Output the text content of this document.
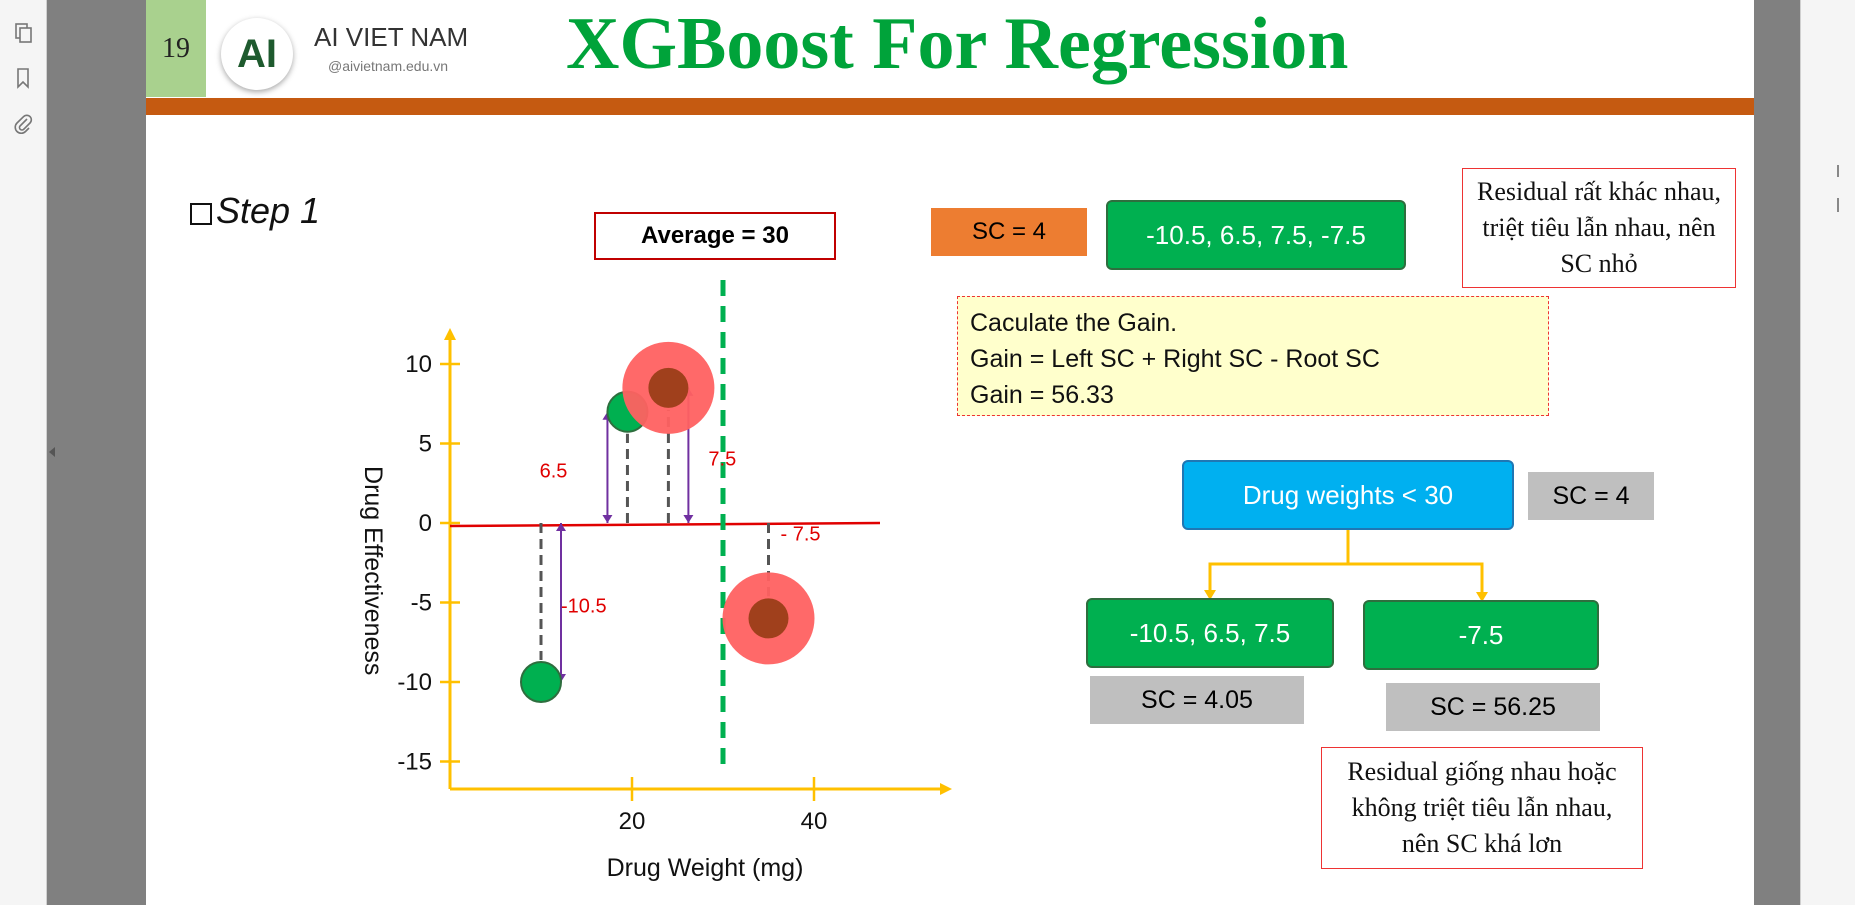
19	AI	AI VIET NAM
@aivietnam.edu.vn XGBoost For Regression
Step 1
Average = 30
10
5
0
-5
-10
-15
20	40
Drug Weight (mg)
Drug Effectiveness	-10.5
6.5
7.5
- 7.5
SC = 4	-10.5, 6.5, 7.5, -7.5
Residual rất khác nhau, triệt tiêu lẫn nhau, nên SC nhỏ
Caculate the Gain.
Gain = Left SC + Right SC - Root SC
Gain = 56.33
Drug weights < 30	SC = 4
-10.5, 6.5, 7.5	-7.5
SC = 4.05	SC = 56.25
Residual giống nhau hoặc không triệt tiêu lẫn nhau, nên SC khá lơn
